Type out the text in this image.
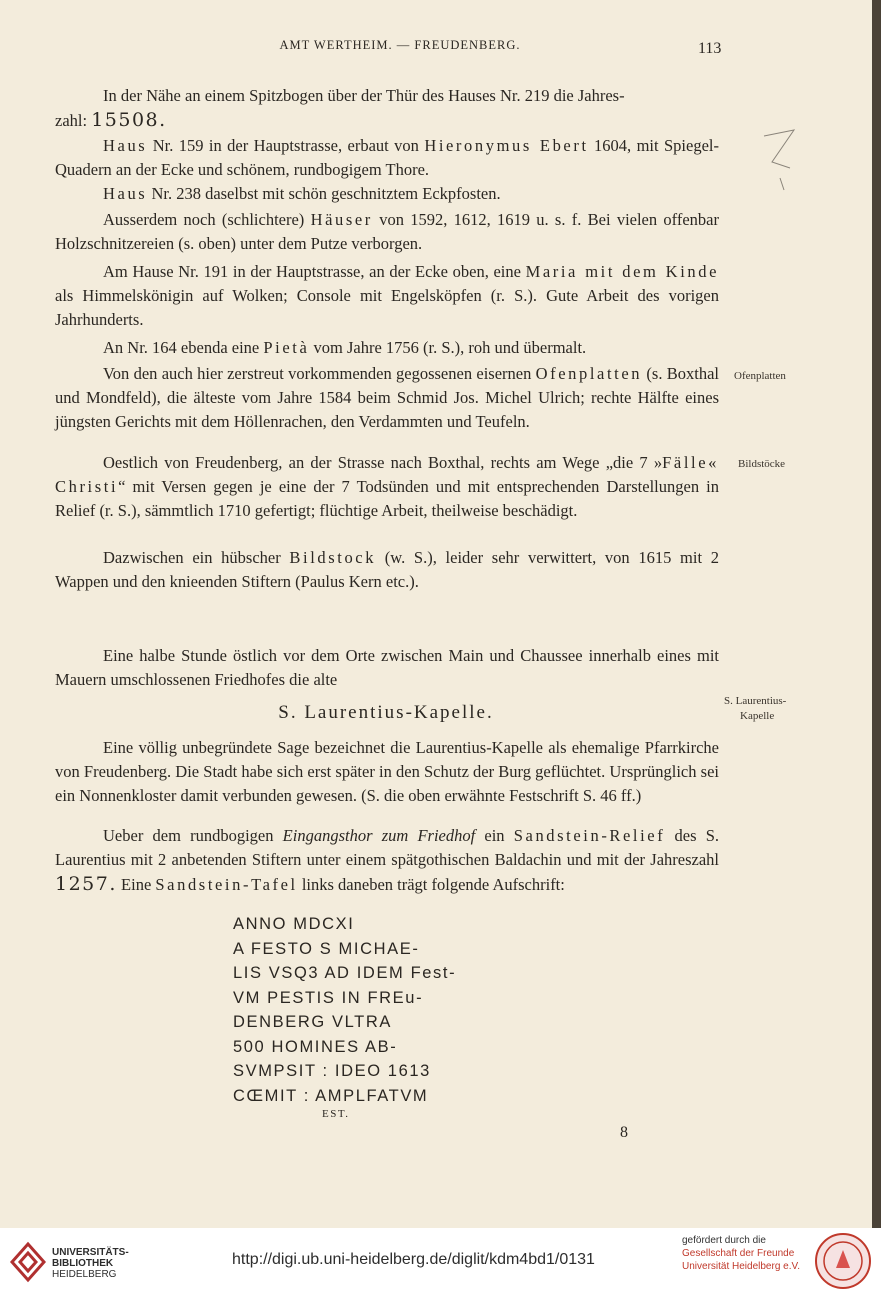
AMT WERTHEIM. — FREUDENBERG.	113
In der Nähe an einem Spitzbogen über der Thür des Hauses Nr. 219 die Jahres-
zahl: 15508.
Haus Nr. 159 in der Hauptstrasse, erbaut von Hieronymus Ebert 1604, mit Spiegel-Quadern an der Ecke und schönem, rundbogigem Thore.
Haus Nr. 238 daselbst mit schön geschnitztem Eckpfosten.
Ausserdem noch (schlichtere) Häuser von 1592, 1612, 1619 u. s. f. Bei vielen offenbar Holzschnitzereien (s. oben) unter dem Putze verborgen.
Am Hause Nr. 191 in der Hauptstrasse, an der Ecke oben, eine Maria mit dem Kinde als Himmelskönigin auf Wolken; Console mit Engelsköpfen (r. S.). Gute Arbeit des vorigen Jahrhunderts.
An Nr. 164 ebenda eine Pietà vom Jahre 1756 (r. S.), roh und übermalt.
Von den auch hier zerstreut vorkommenden gegossenen eisernen Ofenplatten (s. Boxthal und Mondfeld), die älteste vom Jahre 1584 beim Schmid Jos. Michel Ulrich; rechte Hälfte eines jüngsten Gerichts mit dem Höllenrachen, den Verdammten und Teufeln.
Oestlich von Freudenberg, an der Strasse nach Boxthal, rechts am Wege „die 7 »Fälle« Christi“ mit Versen gegen je eine der 7 Todsünden und mit entsprechenden Darstellungen in Relief (r. S.), sämmtlich 1710 gefertigt; flüchtige Arbeit, theilweise beschädigt.
Dazwischen ein hübscher Bildstock (w. S.), leider sehr verwittert, von 1615 mit 2 Wappen und den knieenden Stiftern (Paulus Kern etc.).
Eine halbe Stunde östlich vor dem Orte zwischen Main und Chaussee innerhalb eines mit Mauern umschlossenen Friedhofes die alte
S. Laurentius-Kapelle.
Eine völlig unbegründete Sage bezeichnet die Laurentius-Kapelle als ehemalige Pfarrkirche von Freudenberg. Die Stadt habe sich erst später in den Schutz der Burg geflüchtet. Ursprünglich sei ein Nonnenkloster damit verbunden gewesen. (S. die oben erwähnte Festschrift S. 46 ff.)
Ueber dem rundbogigen Eingangsthor zum Friedhof ein Sandstein-Relief des S. Laurentius mit 2 anbetenden Stiftern unter einem spätgothischen Baldachin und mit der Jahreszahl 1257. Eine Sandstein-Tafel links daneben trägt folgende Aufschrift:
Ofenplatten
Bildstöcke
S. Laurentius-
Kapelle
ANNO MDCXI
A FESTO S MICHAE-
LIS VSQ3 AD IDEM Fest-
VM PESTIS IN FREu-
DENBERG VLTRA
500 HOMINES AB-
SVMPSIT : IDEO 1613
CŒMIT : AMPLFATVM
EST.
8
UNIVERSITÄTS-
BIBLIOTHEK
HEIDELBERG
http://digi.ub.uni-heidelberg.de/diglit/kdm4bd1/0131
gefördert durch die
Gesellschaft der Freunde
Universität Heidelberg e.V.
